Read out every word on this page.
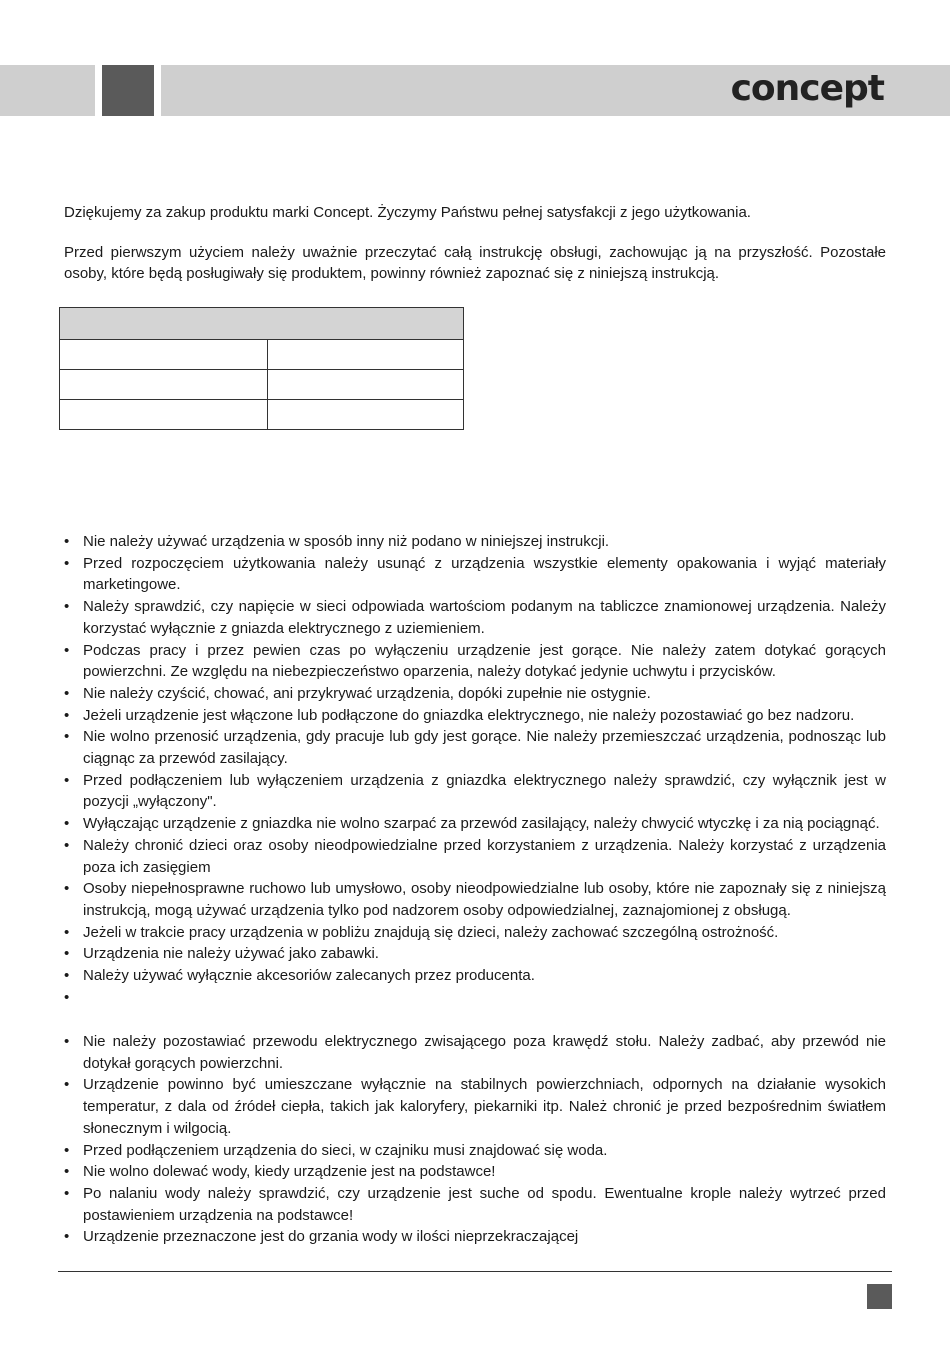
concept

Dziękujemy za zakup produktu marki Concept. Życzymy Państwu pełnej satysfakcji z jego użytkowania.

Przed pierwszym użyciem należy uważnie przeczytać całą instrukcję obsługi, zachowując ją na przyszłość. Pozostałe osoby, które będą posługiwały się produktem, powinny również zapoznać się z niniejszą instrukcją.

• Nie należy używać urządzenia w sposób inny niż podano w niniejszej instrukcji.
• Przed rozpoczęciem użytkowania należy usunąć z urządzenia wszystkie elementy opakowania i wyjąć materiały marketingowe.
• Należy sprawdzić, czy napięcie w sieci odpowiada wartościom podanym na tabliczce znamionowej urządzenia. Należy korzystać wyłącznie z gniazda elektrycznego z uziemieniem.
• Podczas pracy i przez pewien czas po wyłączeniu urządzenie jest gorące. Nie należy zatem dotykać gorących powierzchni. Ze względu na niebezpieczeństwo oparzenia, należy dotykać jedynie uchwytu i przycisków.
• Nie należy czyścić, chować, ani przykrywać urządzenia, dopóki zupełnie nie ostygnie.
• Jeżeli urządzenie jest włączone lub podłączone do gniazdka elektrycznego, nie należy pozostawiać go bez nadzoru.
• Nie wolno przenosić urządzenia, gdy pracuje lub gdy jest gorące. Nie należy przemieszczać urządzenia, podnosząc lub ciągnąc za przewód zasilający.
• Przed podłączeniem lub wyłączeniem urządzenia z gniazdka elektrycznego należy sprawdzić, czy wyłącznik jest w pozycji „wyłączony".
• Wyłączając urządzenie z gniazdka nie wolno szarpać za przewód zasilający, należy chwycić wtyczkę i za nią pociągnąć.
• Należy chronić dzieci oraz osoby nieodpowiedzialne przed korzystaniem z urządzenia. Należy korzystać z urządzenia poza ich zasięgiem
• Osoby niepełnosprawne ruchowo lub umysłowo, osoby nieodpowiedzialne lub osoby, które nie zapoznały się z niniejszą instrukcją, mogą używać urządzenia tylko pod nadzorem osoby odpowiedzialnej, zaznajomionej z obsługą.
• Jeżeli w trakcie pracy urządzenia w pobliżu znajdują się dzieci, należy zachować szczególną ostrożność.
• Urządzenia nie należy używać jako zabawki.
• Należy używać wyłącznie akcesoriów zalecanych przez producenta.
•
• Nie należy pozostawiać przewodu elektrycznego zwisającego poza krawędź stołu. Należy zadbać, aby przewód nie dotykał gorących powierzchni.
• Urządzenie powinno być umieszczane wyłącznie na stabilnych powierzchniach, odpornych na działanie wysokich temperatur, z dala od źródeł ciepła, takich jak kaloryfery, piekarniki itp. Należ chronić je przed bezpośrednim światłem słonecznym i wilgocią.
• Przed podłączeniem urządzenia do sieci, w czajniku musi znajdować się woda.
• Nie wolno dolewać wody, kiedy urządzenie jest na podstawce!
• Po nalaniu wody należy sprawdzić, czy urządzenie jest suche od spodu. Ewentualne krople należy wytrzeć przed postawieniem urządzenia na podstawce!
• Urządzenie przeznaczone jest do grzania wody w ilości nieprzekraczającej
